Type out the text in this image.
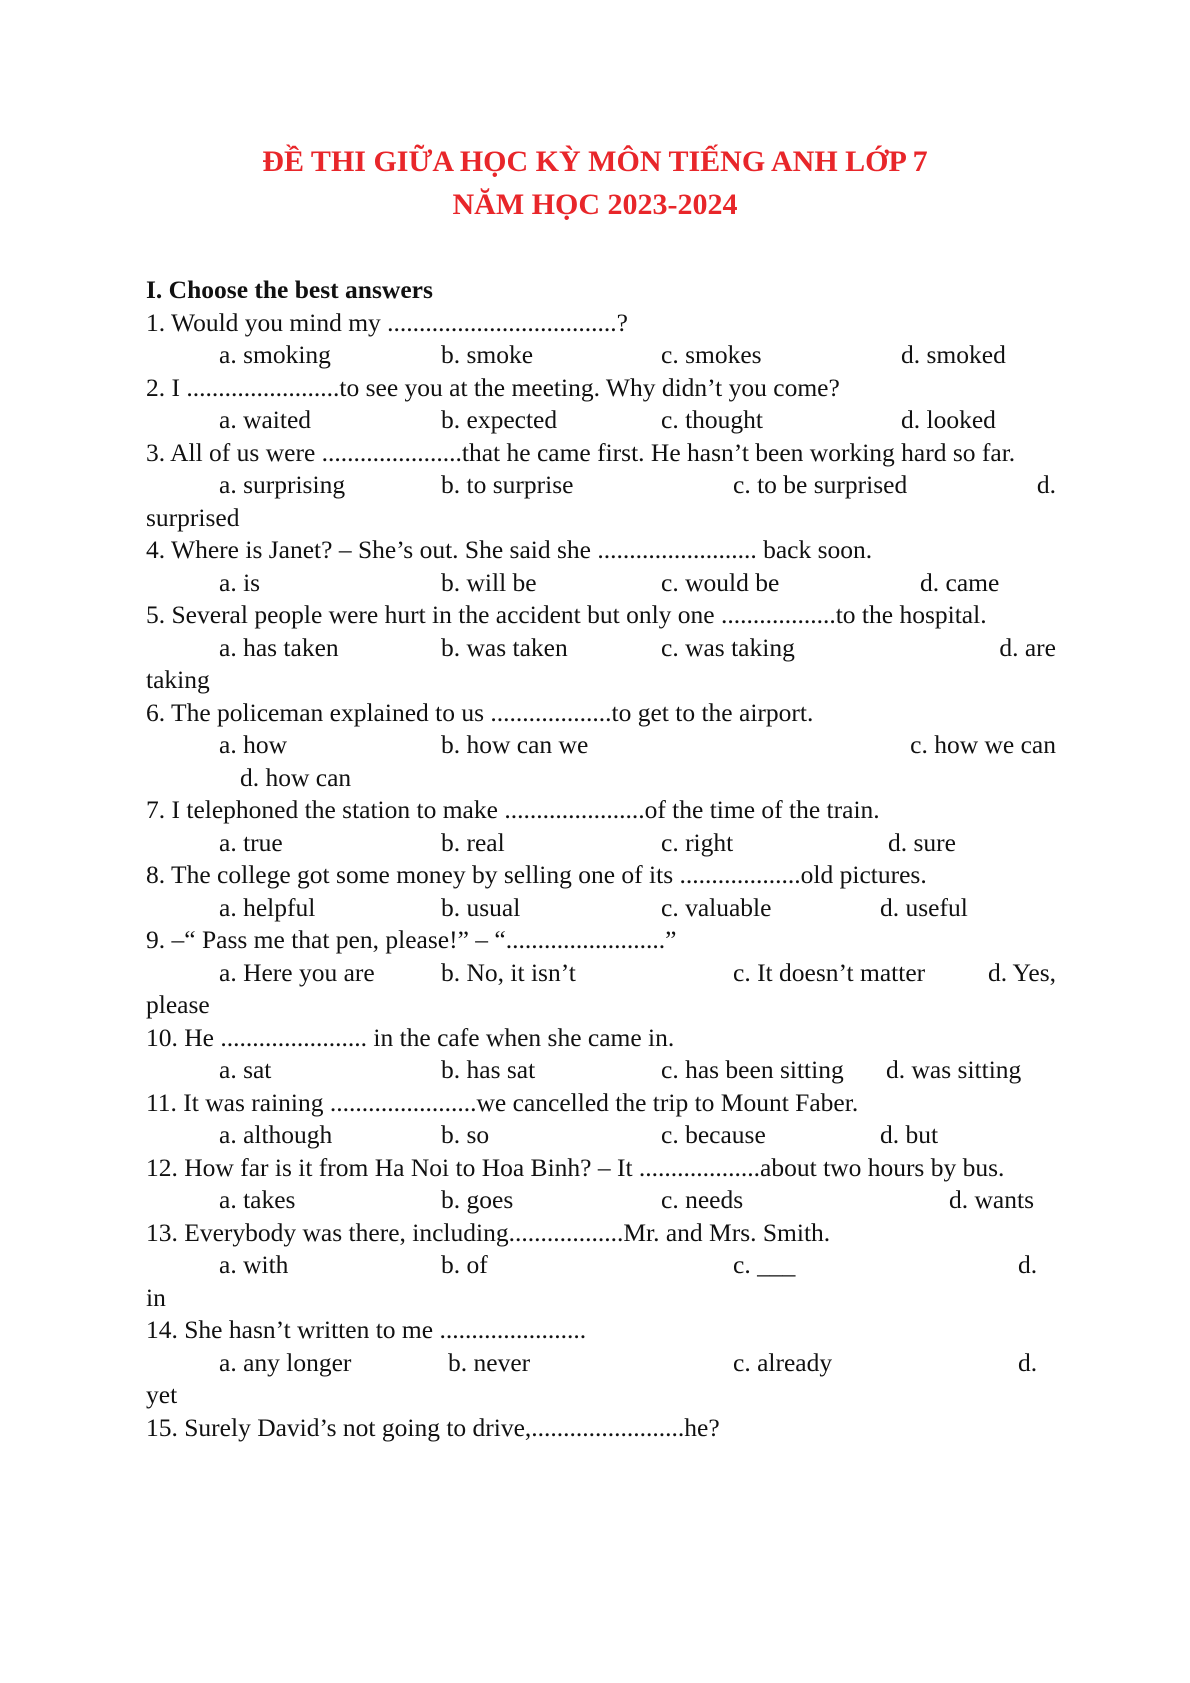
ĐỀ THI GIỮA HỌC KỲ MÔN TIẾNG ANH LỚP 7
NĂM HỌC 2023-2024
I. Choose the best answers
1. Would you mind my ....................................?
a. smoking	b. smoke	c. smokes	d. smoked
2. I ........................to see you at the meeting. Why didn’t you come?
a. waited	b. expected	c. thought	d. looked
3. All of us were ......................that he came first. He hasn’t been working hard so far.
a. surprising	b. to surprise	c. to be surprised	d.
surprised
4. Where is Janet? – She’s out. She said she ......................... back soon.
a. is	b. will be	c. would be	d. came
5. Several people were hurt in the accident but only one ..................to the hospital.
a. has taken	b. was taken	c. was taking	d. are
taking
6. The policeman explained to us ...................to get to the airport.
a. how	b. how can we	c. how we can
d. how can
7. I telephoned the station to make ......................of the time of the train.
a. true	b. real	c. right	d. sure
8. The college got some money by selling one of its ...................old pictures.
a. helpful	b. usual	c. valuable	d. useful
9. –“ Pass me that pen, please!” – “.........................”
a. Here you are	b. No, it isn’t	c. It doesn’t matter d. Yes,
please
10. He ....................... in the cafe when she came in.
a. sat	b. has sat	c. has been sitting d. was sitting
11. It was raining .......................we cancelled the trip to Mount Faber.
a. although	b. so	c. because	d. but
12. How far is it from Ha Noi to Hoa Binh? – It ...................about two hours by bus.
a. takes	b. goes	c. needs	d. wants
13. Everybody was there, including..................Mr. and Mrs. Smith.
a. with	b. of	c. ___	d.
in
14. She hasn’t written to me .......................
a. any longer	b. never	c. already	d.
yet
15. Surely David’s not going to drive,........................he?
